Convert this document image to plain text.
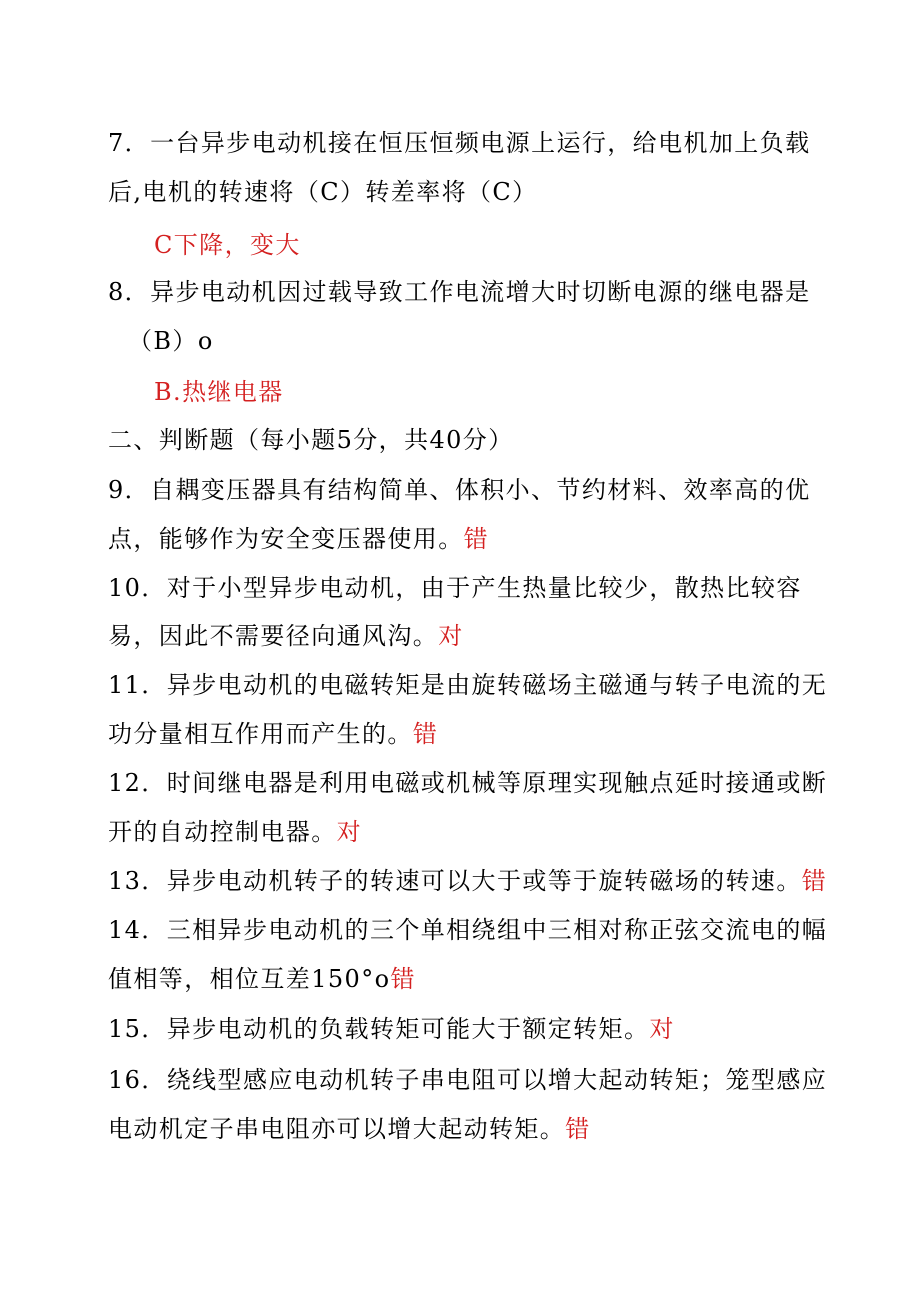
7．一台异步电动机接在恒压恒频电源上运行，给电机加上负载
后,电机的转速将（C）转差率将（C）
C下降，变大
8．异步电动机因过载导致工作电流增大时切断电源的继电器是
（B）o
B.热继电器
二、判断题（每小题5分，共40分）
9．自耦变压器具有结构简单、体积小、节约材料、效率高的优
点，能够作为安全变压器使用。错
10．对于小型异步电动机，由于产生热量比较少，散热比较容
易，因此不需要径向通风沟。对
11．异步电动机的电磁转矩是由旋转磁场主磁通与转子电流的无
功分量相互作用而产生的。错
12．时间继电器是利用电磁或机械等原理实现触点延时接通或断
开的自动控制电器。对
13．异步电动机转子的转速可以大于或等于旋转磁场的转速。错
14．三相异步电动机的三个单相绕组中三相对称正弦交流电的幅
值相等，相位互差150°o错
15．异步电动机的负载转矩可能大于额定转矩。对
16．绕线型感应电动机转子串电阻可以增大起动转矩；笼型感应
电动机定子串电阻亦可以增大起动转矩。错
